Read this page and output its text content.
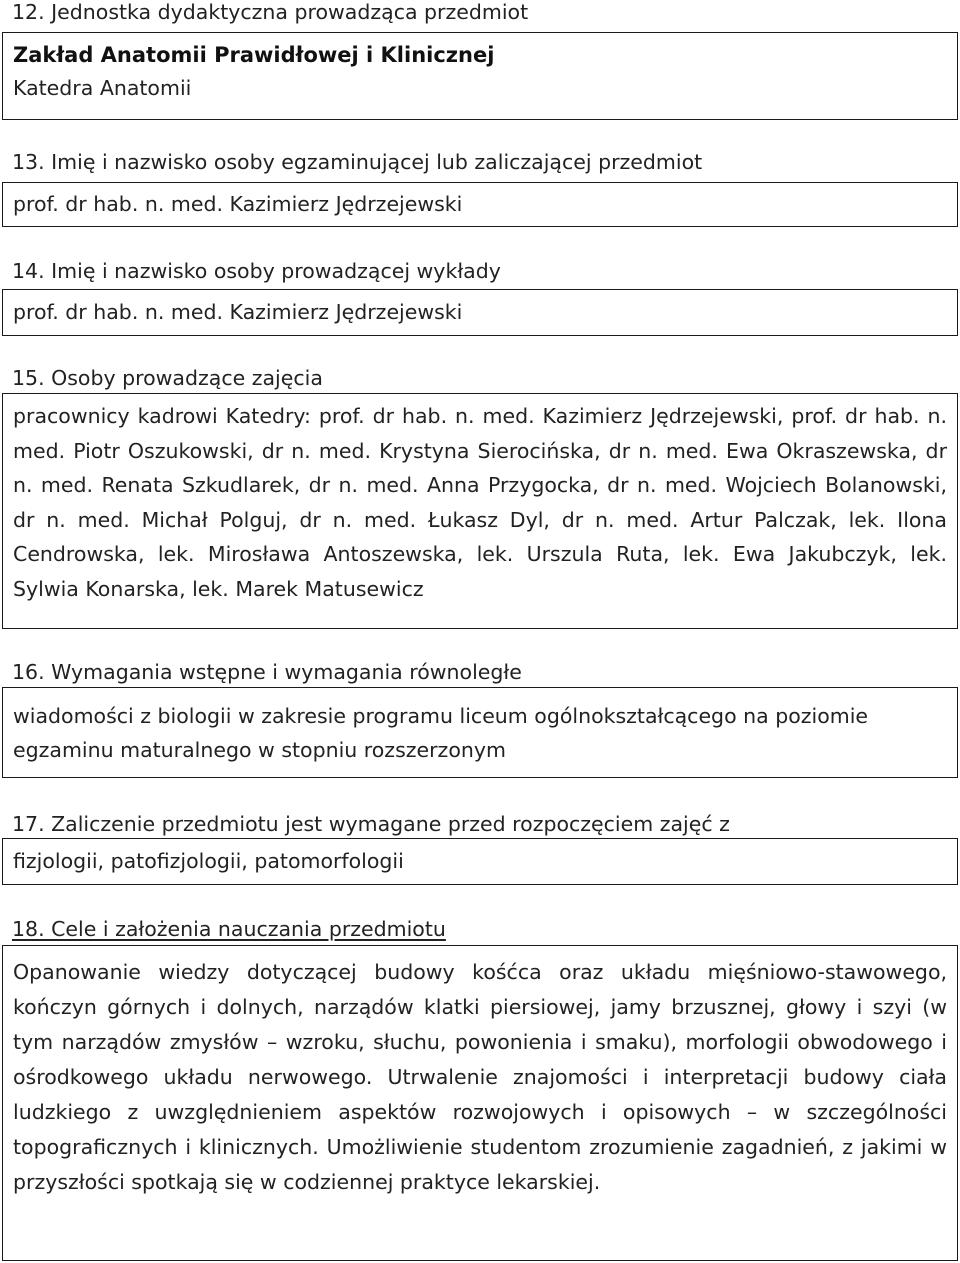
12. Jednostka dydaktyczna prowadząca przedmiot
Zakład Anatomii Prawidłowej i Klinicznej
Katedra Anatomii
13. Imię i nazwisko osoby egzaminującej lub zaliczającej przedmiot
prof. dr hab. n. med. Kazimierz Jędrzejewski
14. Imię i nazwisko osoby prowadzącej wykłady
prof. dr hab. n. med. Kazimierz Jędrzejewski
15. Osoby prowadzące zajęcia

pracownicy kadrowi Katedry: prof. dr hab. n. med. Kazimierz Jędrzejewski, prof. dr hab. n. med. Piotr Oszukowski, dr n. med. Krystyna Sierocińska, dr n. med. Ewa Okraszewska, dr n. med. Renata Szkudlarek, dr n. med. Anna Przygocka, dr n. med. Wojciech Bolanowski, dr n. med. Michał Polguj, dr n. med. Łukasz Dyl, dr n. med. Artur Palczak, lek. Ilona Cendrowska, lek. Mirosława Antoszewska, lek. Urszula Ruta, lek. Ewa Jakubczyk, lek. Sylwia Konarska, lek. Marek Matusewicz

16. Wymagania wstępne i wymagania równoległe

wiadomości z biologii w zakresie programu liceum ogólnokształcącego na poziomie egzaminu maturalnego w stopniu rozszerzonym

17. Zaliczenie przedmiotu jest wymagane przed rozpoczęciem zajęć z
fizjologii, patofizjologii, patomorfologii
18. Cele i założenia nauczania przedmiotu

Opanowanie wiedzy dotyczącej budowy kośćca oraz układu mięśniowo-stawowego, kończyn górnych i dolnych, narządów klatki piersiowej, jamy brzusznej, głowy i szyi (w tym narządów zmysłów – wzroku, słuchu, powonienia i smaku), morfologii obwodowego i ośrodkowego układu nerwowego. Utrwalenie znajomości i interpretacji budowy ciała ludzkiego z uwzględnieniem aspektów rozwojowych i opisowych – w szczególności topograficznych i klinicznych. Umożliwienie studentom zrozumienie zagadnień, z jakimi w przyszłości spotkają się w codziennej praktyce lekarskiej.
